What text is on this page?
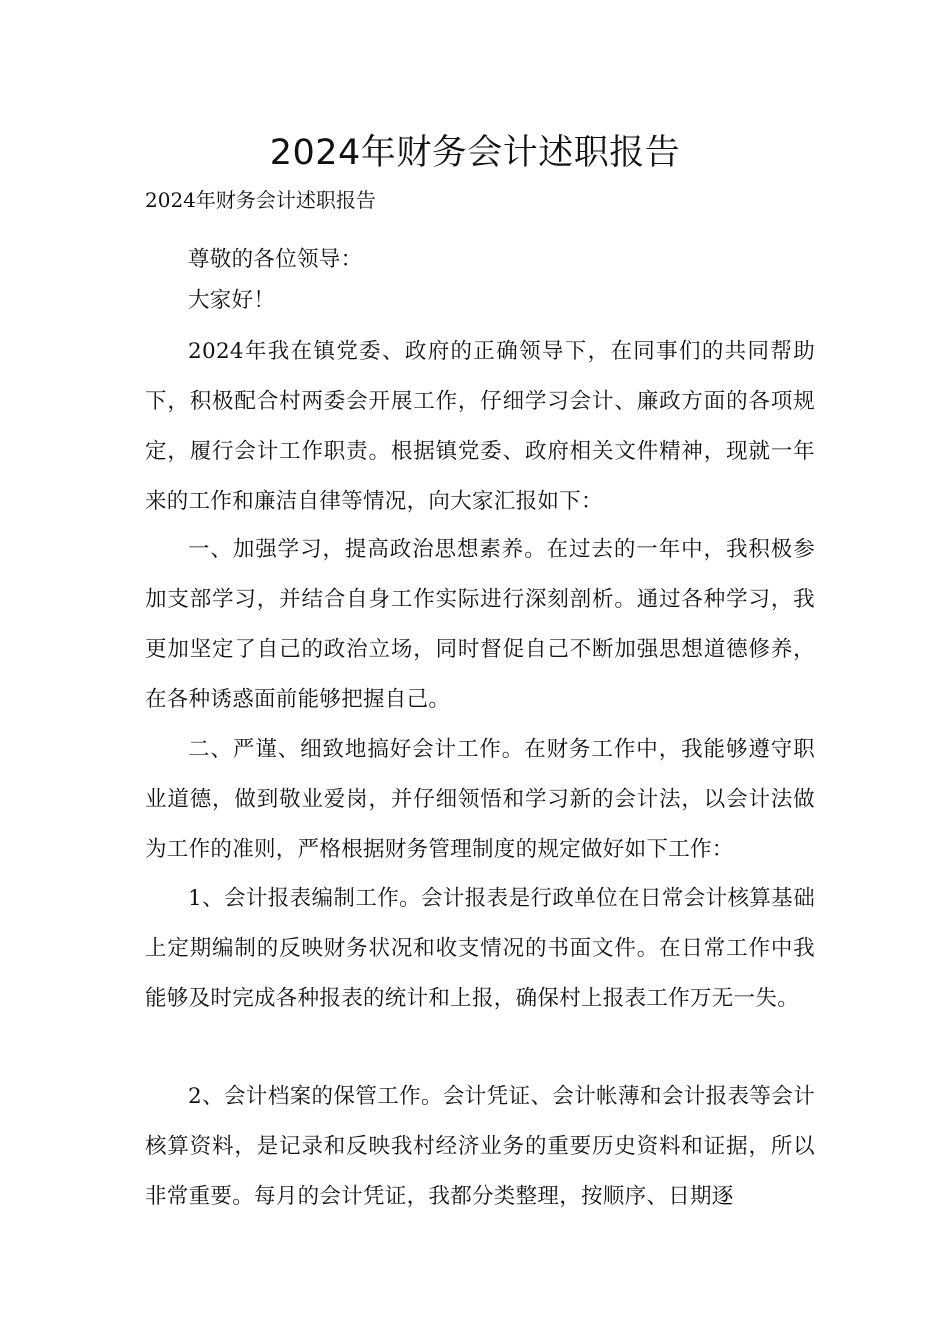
2024年财务会计述职报告
2024年财务会计述职报告

尊敬的各位领导：

大家好！

2024年我在镇党委、政府的正确领导下，在同事们的共同帮助下，积极配合村两委会开展工作，仔细学习会计、廉政方面的各项规定，履行会计工作职责。根据镇党委、政府相关文件精神，现就一年来的工作和廉洁自律等情况，向大家汇报如下：

一、加强学习，提高政治思想素养。在过去的一年中，我积极参加支部学习，并结合自身工作实际进行深刻剖析。通过各种学习，我更加坚定了自己的政治立场，同时督促自己不断加强思想道德修养，在各种诱惑面前能够把握自己。

二、严谨、细致地搞好会计工作。在财务工作中，我能够遵守职业道德，做到敬业爱岗，并仔细领悟和学习新的会计法，以会计法做为工作的准则，严格根据财务管理制度的规定做好如下工作：

1、会计报表编制工作。会计报表是行政单位在日常会计核算基础上定期编制的反映财务状况和收支情况的书面文件。在日常工作中我能够及时完成各种报表的统计和上报，确保村上报表工作万无一失。

2、会计档案的保管工作。会计凭证、会计帐薄和会计报表等会计核算资料，是记录和反映我村经济业务的重要历史资料和证据，所以非常重要。每月的会计凭证，我都分类整理，按顺序、日期逐
